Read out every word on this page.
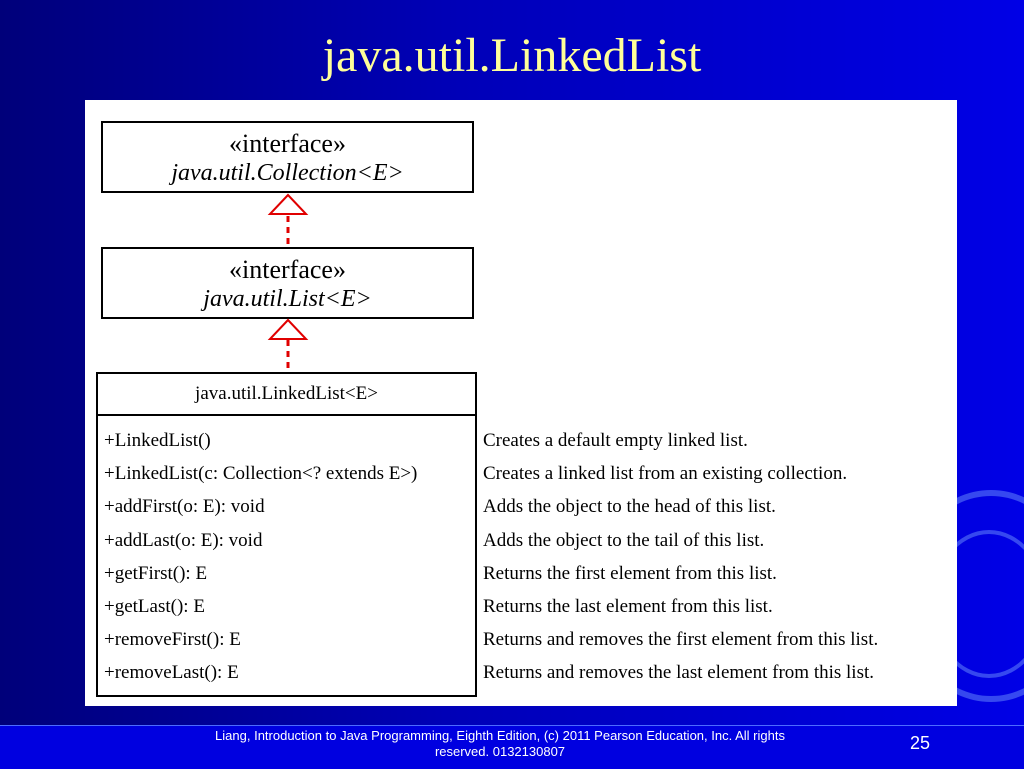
java.util.LinkedList
«interface»
java.util.Collection<E>
«interface»
java.util.List<E>
java.util.LinkedList<E>
+LinkedList()
+LinkedList(c: Collection<? extends E>)
+addFirst(o: E): void
+addLast(o: E): void
+getFirst(): E
+getLast(): E
+removeFirst(): E
+removeLast(): E
Creates a default empty linked list.
Creates a linked list from an existing collection.
Adds the object to the head of this list.
Adds the object to the tail of this list.
Returns the first element from this list.
Returns the last element from this list.
Returns and removes the first element from this list.
Returns and removes the last element from this list.
Liang, Introduction to Java Programming, Eighth Edition, (c) 2011 Pearson Education, Inc. All rights reserved. 0132130807	25
